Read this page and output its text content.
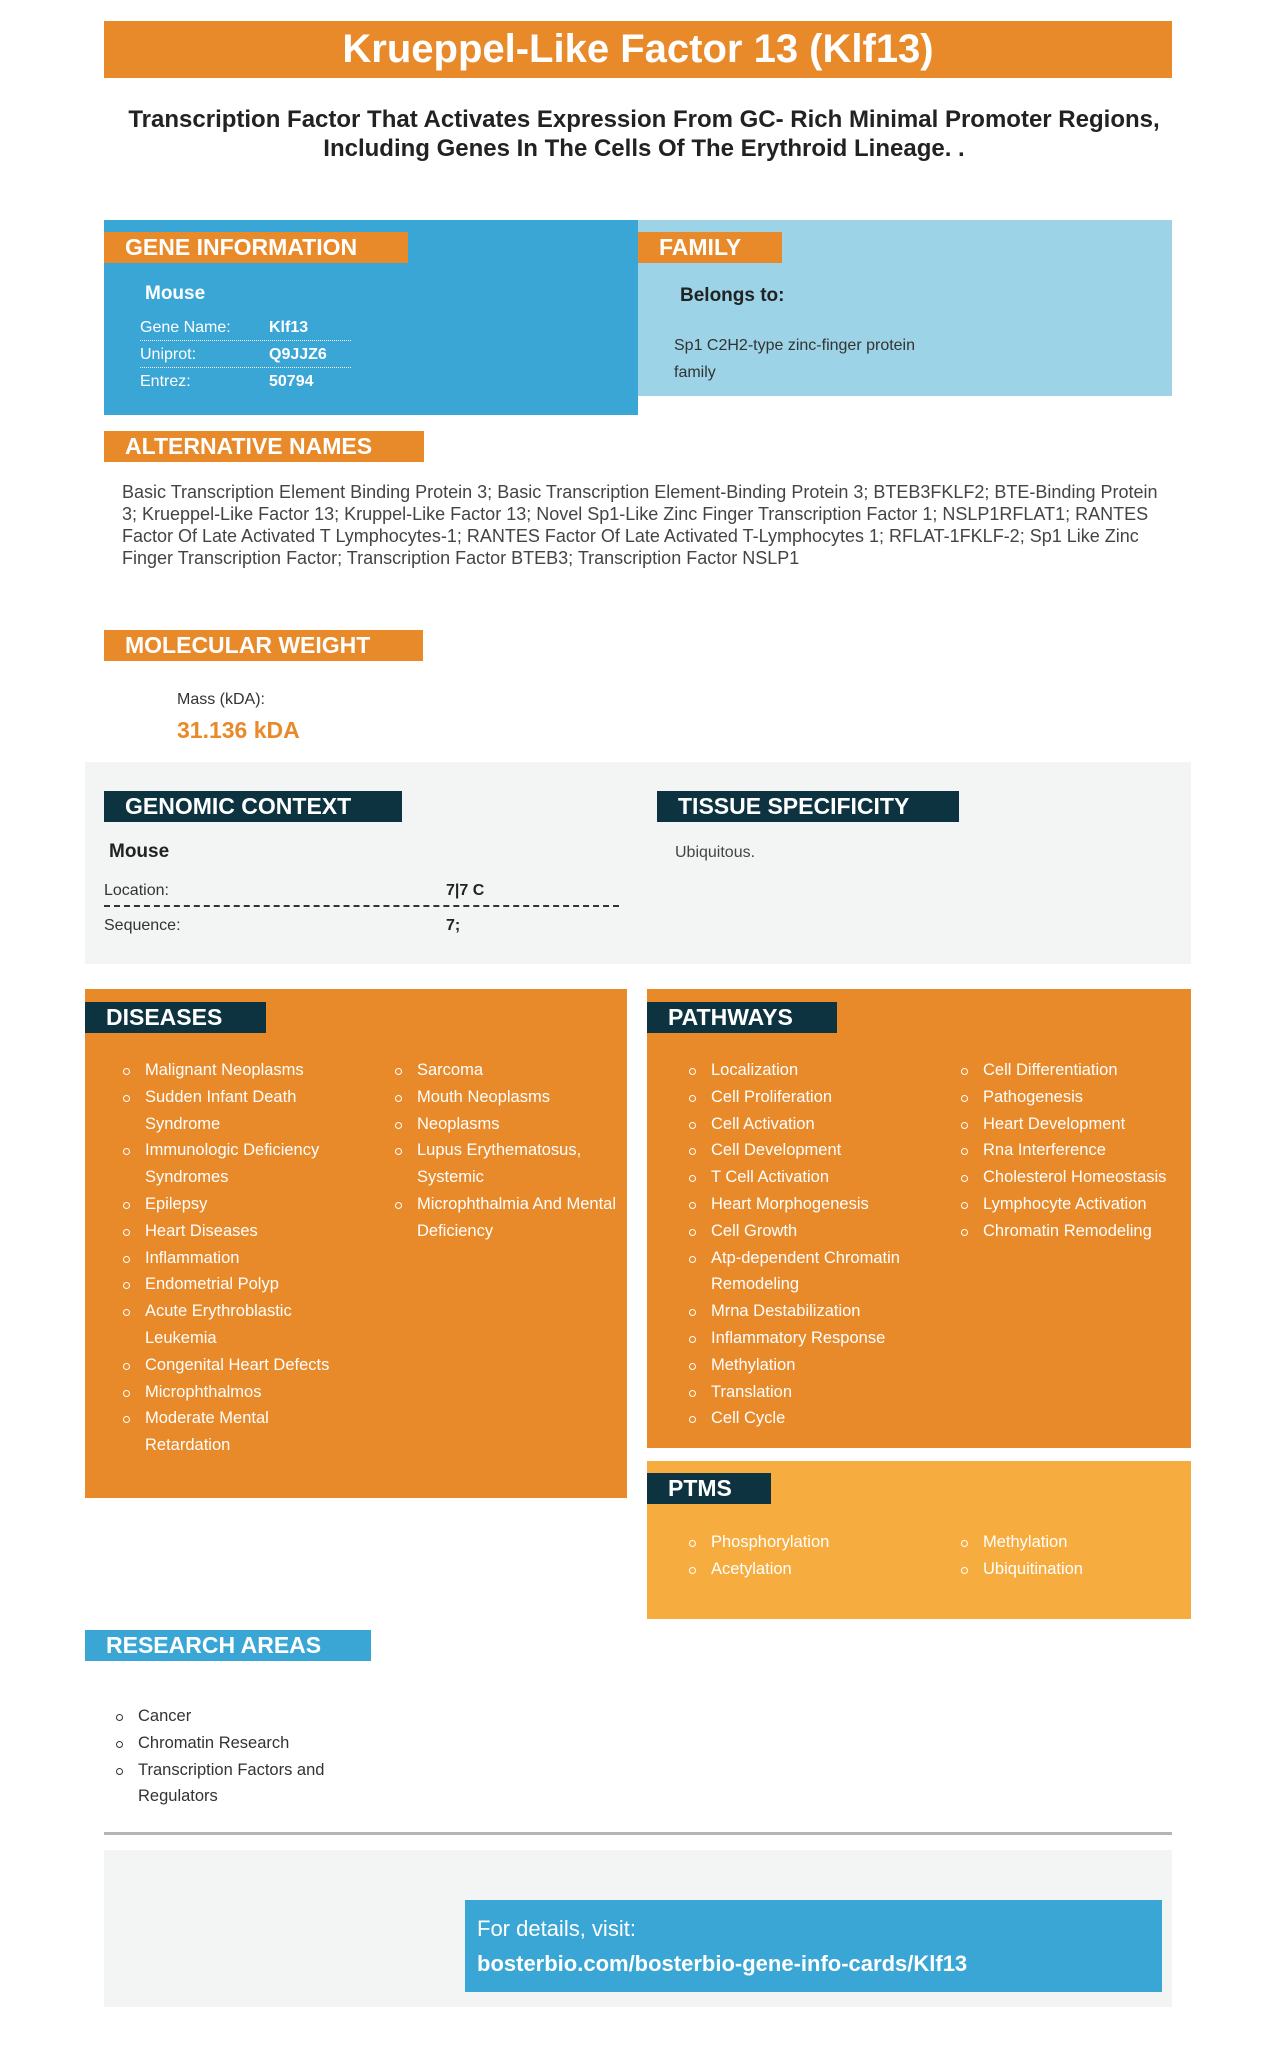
Krueppel-Like Factor 13 (Klf13)
Transcription Factor That Activates Expression From GC- Rich Minimal Promoter Regions, Including Genes In The Cells Of The Erythroid Lineage. .
GENE INFORMATION
Mouse
Gene Name: Klf13
Uniprot:	Q9JJZ6
Entrez:	50794
FAMILY
Belongs to:
Sp1 C2H2-type zinc-finger protein family
ALTERNATIVE NAMES
Basic Transcription Element Binding Protein 3; Basic Transcription Element-Binding Protein 3; BTEB3FKLF2; BTE-Binding Protein 3; Krueppel-Like Factor 13; Kruppel-Like Factor 13; Novel Sp1-Like Zinc Finger Transcription Factor 1; NSLP1RFLAT1; RANTES Factor Of Late Activated T Lymphocytes-1; RANTES Factor Of Late Activated T-Lymphocytes 1; RFLAT-1FKLF-2; Sp1 Like Zinc Finger Transcription Factor; Transcription Factor BTEB3; Transcription Factor NSLP1
MOLECULAR WEIGHT
Mass (kDA):
31.136 kDA
GENOMIC CONTEXT
Mouse
Location:	7|7 C
Sequence:	7;
TISSUE SPECIFICITY
Ubiquitous.
DISEASES
Malignant Neoplasms
Sudden Infant Death Syndrome
Immunologic Deficiency Syndromes
Epilepsy
Heart Diseases
Inflammation
Endometrial Polyp
Acute Erythroblastic Leukemia
Congenital Heart Defects
Microphthalmos
Moderate Mental Retardation
Sarcoma
Mouth Neoplasms
Neoplasms
Lupus Erythematosus, Systemic
Microphthalmia And Mental Deficiency
PATHWAYS
Localization
Cell Proliferation
Cell Activation
Cell Development
T Cell Activation
Heart Morphogenesis
Cell Growth
Atp-dependent Chromatin Remodeling
Mrna Destabilization
Inflammatory Response
Methylation
Translation
Cell Cycle
Cell Differentiation
Pathogenesis
Heart Development
Rna Interference
Cholesterol Homeostasis
Lymphocyte Activation
Chromatin Remodeling
PTMS
Phosphorylation
Acetylation
Methylation
Ubiquitination
RESEARCH AREAS
Cancer
Chromatin Research
Transcription Factors and Regulators
For details, visit:
bosterbio.com/bosterbio-gene-info-cards/Klf13
